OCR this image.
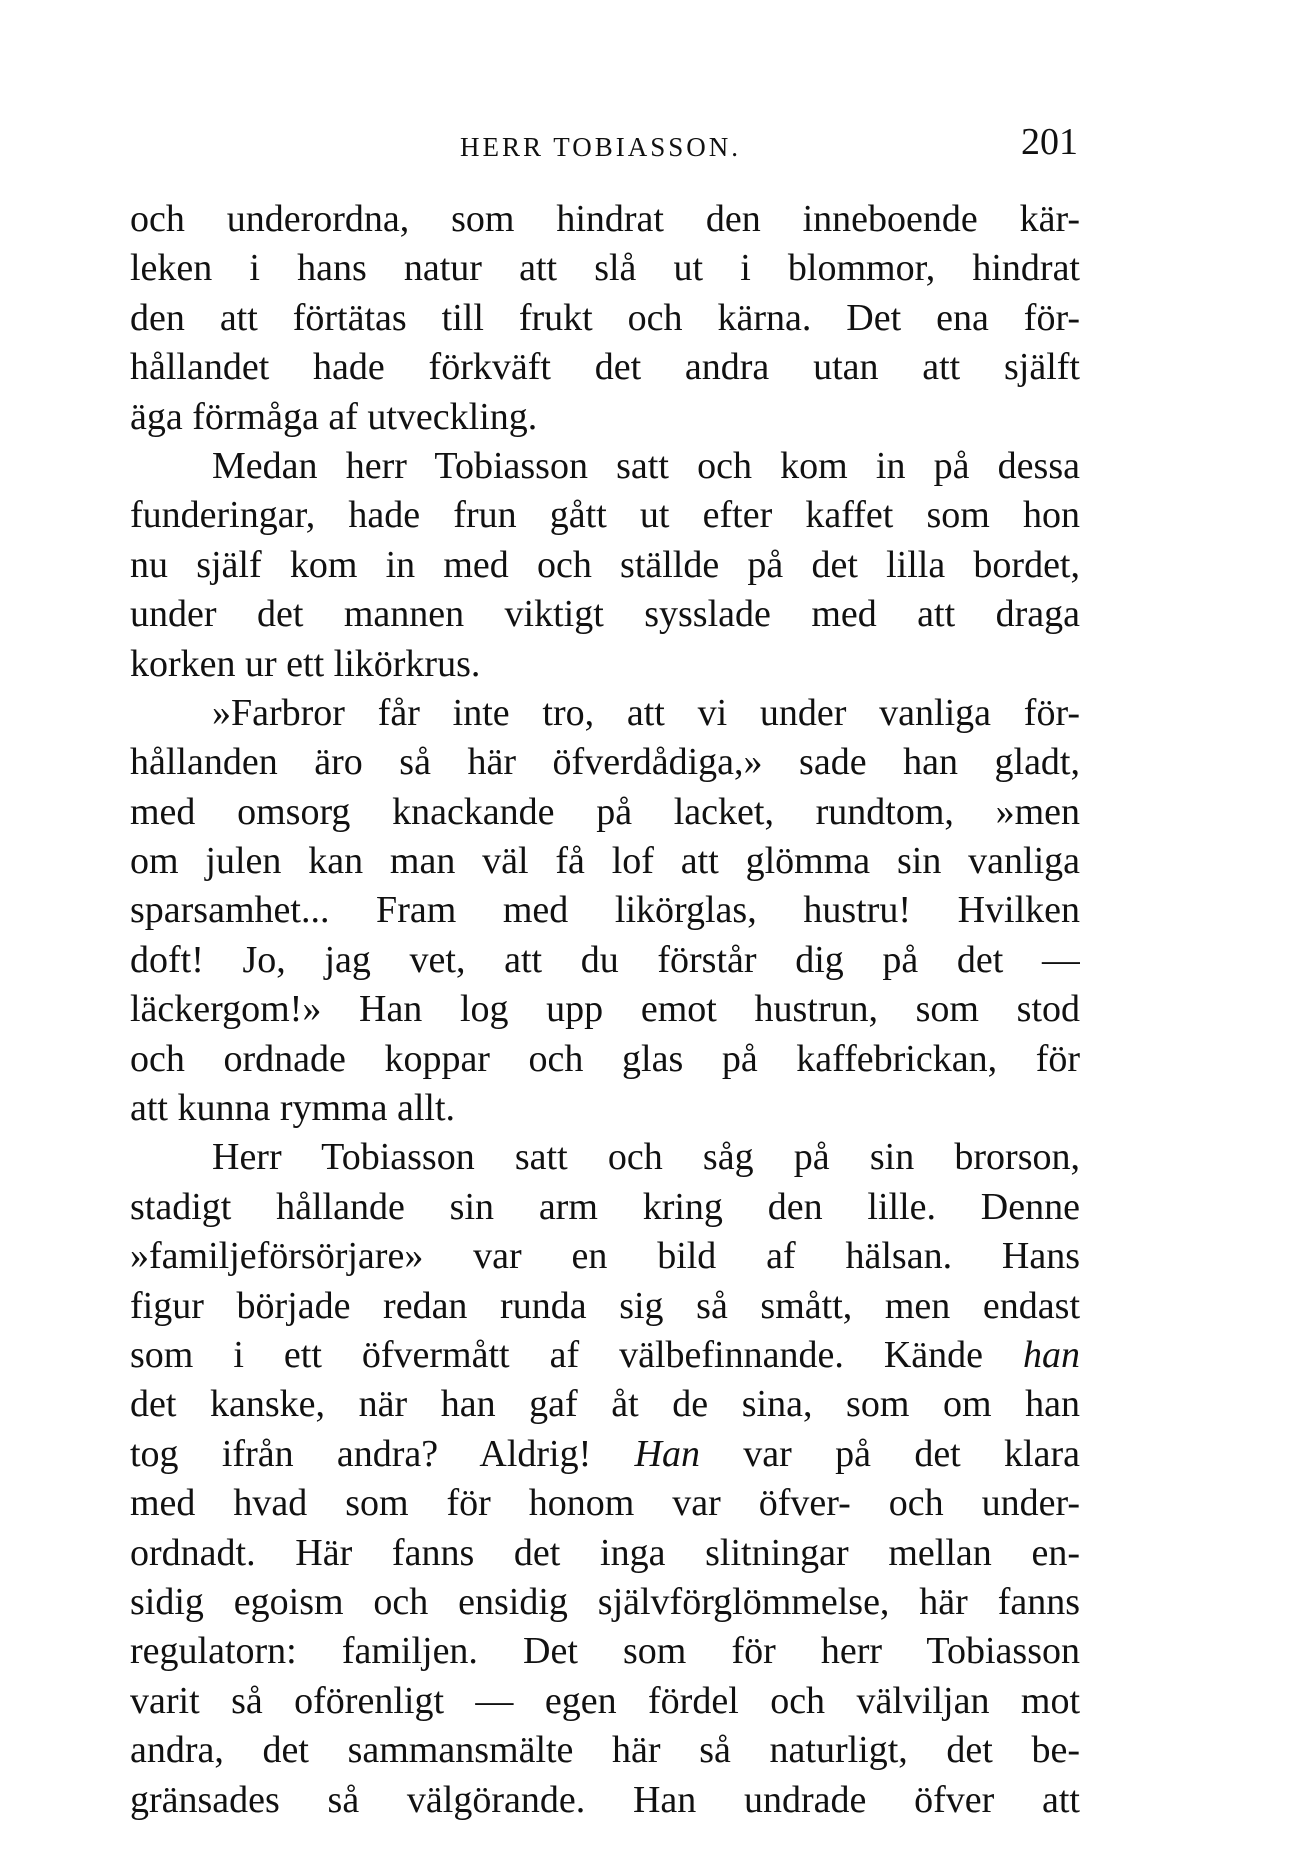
HERR TOBIASSON.	201
och underordna, som hindrat den inneboende kär-
leken i hans natur att slå ut i blommor, hindrat
den att förtätas till frukt och kärna. Det ena för-
hållandet hade förkväft det andra utan att själft
äga förmåga af utveckling.
Medan herr Tobiasson satt och kom in på dessa
funderingar, hade frun gått ut efter kaffet som hon
nu själf kom in med och ställde på det lilla bordet,
under det mannen viktigt sysslade med att draga
korken ur ett likörkrus.
»Farbror får inte tro, att vi under vanliga för-
hållanden äro så här öfverdådiga,» sade han gladt,
med omsorg knackande på lacket, rundtom, »men
om julen kan man väl få lof att glömma sin vanliga
sparsamhet... Fram med likörglas, hustru! Hvilken
doft! Jo, jag vet, att du förstår dig på det —
läckergom!» Han log upp emot hustrun, som stod
och ordnade koppar och glas på kaffebrickan, för
att kunna rymma allt.
Herr Tobiasson satt och såg på sin brorson,
stadigt hållande sin arm kring den lille. Denne
»familjeförsörjare» var en bild af hälsan. Hans
figur började redan runda sig så smått, men endast
som i ett öfvermått af välbefinnande. Kände han
det kanske, när han gaf åt de sina, som om han
tog ifrån andra? Aldrig! Han var på det klara
med hvad som för honom var öfver- och under-
ordnadt. Här fanns det inga slitningar mellan en-
sidig egoism och ensidig självförglömmelse, här fanns
regulatorn: familjen. Det som för herr Tobiasson
varit så oförenligt — egen fördel och välviljan mot
andra, det sammansmälte här så naturligt, det be-
gränsades så välgörande. Han undrade öfver att
